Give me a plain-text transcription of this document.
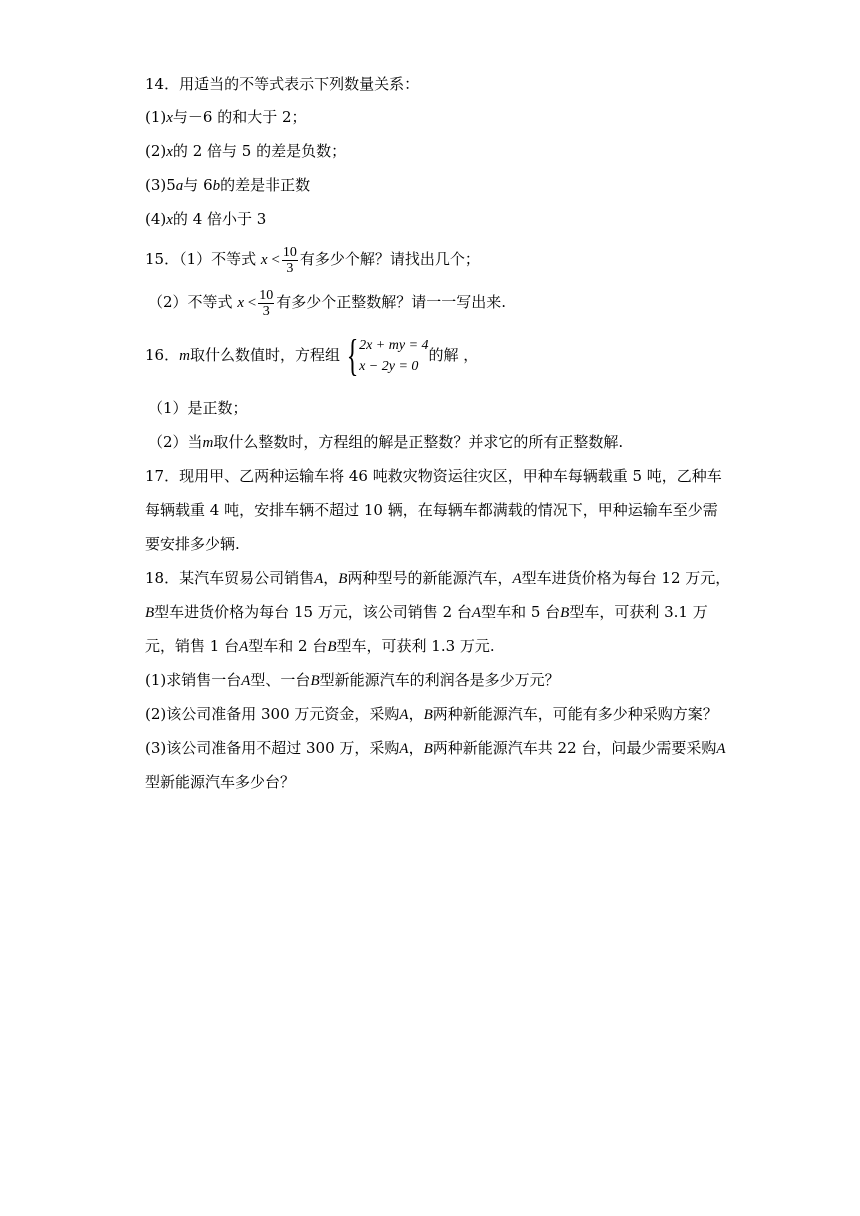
14．用适当的不等式表示下列数量关系：
(1)x与－6 的和大于 2；
(2)x的 2 倍与 5 的差是负数；
(3)5a与 6b的差是非正数
(4)x的 4 倍小于 3
15．（1）不等式 $x < \frac{10}{3}$ 有多少个解？请找出几个；
（2）不等式 $x < \frac{10}{3}$ 有多少个正整数解？请一一写出来.
16．m取什么数值时，方程组 { 2x + my = 4
x − 2y = 0
的解 ，
（1）是正数；
（2）当m取什么整数时，方程组的解是正整数？并求它的所有正整数解.
17．现用甲、乙两种运输车将 46 吨救灾物资运往灾区，甲种车每辆载重 5 吨，乙种车
每辆载重 4 吨，安排车辆不超过 10 辆，在每辆车都满载的情况下，甲种运输车至少需
要安排多少辆.
18．某汽车贸易公司销售A，B两种型号的新能源汽车，A型车进货价格为每台 12 万元，
B型车进货价格为每台 15 万元，该公司销售 2 台A型车和 5 台B型车，可获利 3.1 万
元，销售 1 台A型车和 2 台B型车，可获利 1.3 万元.
(1)求销售一台A型、一台B型新能源汽车的利润各是多少万元？
(2)该公司准备用 300 万元资金，采购A，B两种新能源汽车，可能有多少种采购方案？
(3)该公司准备用不超过 300 万，采购A，B两种新能源汽车共 22 台，问最少需要采购A
型新能源汽车多少台？
